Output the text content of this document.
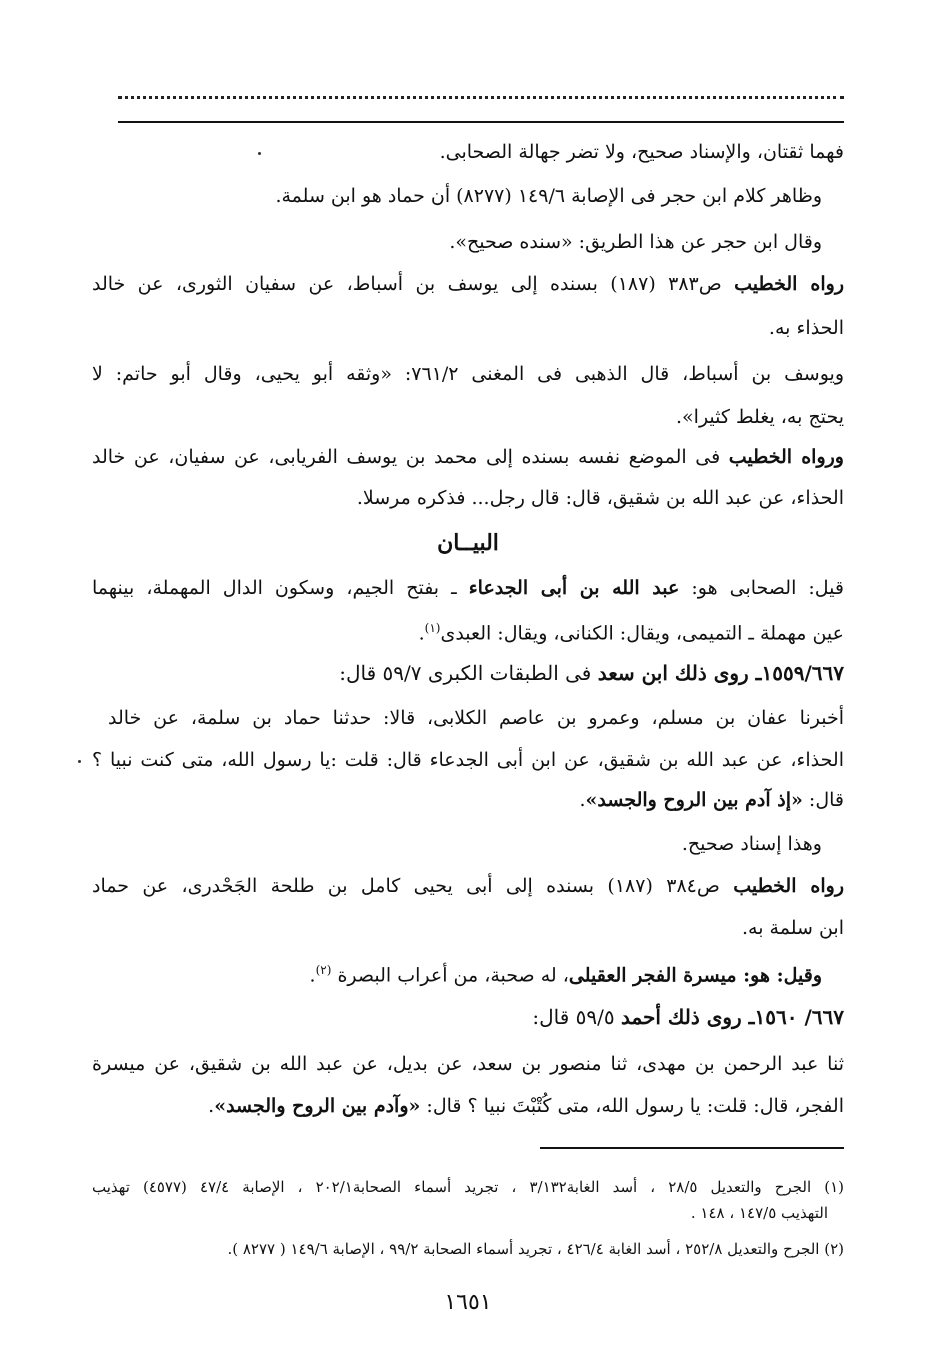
فهما ثقتان، والإسناد صحيح، ولا تضر جهالة الصحابى.

وظاهر كلام ابن حجر فى الإصابة ١٤٩/٦ (٨٢٧٧) أن حماد هو ابن سلمة.

وقال ابن حجر عن هذا الطريق: «سنده صحيح».

رواه الخطيب ص٣٨٣ (١٨٧) بسنده إلى يوسف بن أسباط، عن سفيان الثورى، عن خالد

الحذاء به.

ويوسف بن أسباط، قال الذهبى فى المغنى ٧٦١/٢: «وثقه أبو يحيى، وقال أبو حاتم: لا

يحتج به، يغلط كثيرا».

ورواه الخطيب فى الموضع نفسه بسنده إلى محمد بن يوسف الفريابى، عن سفيان، عن خالد

الحذاء، عن عبد الله بن شقيق، قال: قال رجل... فذكره مرسلا.

البيــان

قيل: الصحابى هو: عبد الله بن أبى الجدعاء ـ بفتح الجيم، وسكون الدال المهملة، بينهما

عين مهملة ـ التميمى، ويقال: الكنانى، ويقال: العبدى$^{(١)}$.

١٥٥٩/٦٦٧ـ روى ذلك ابن سعد فى الطبقات الكبرى ٥٩/٧ قال:

أخبرنا عفان بن مسلم، وعمرو بن عاصم الكلابى، قالا: حدثنا حماد بن سلمة، عن خالد

الحذاء، عن عبد الله بن شقيق، عن ابن أبى الجدعاء قال: قلت :يا رسول الله، متى كنت نبيا ؟

قال: «إذ آدم بين الروح والجسد».

وهذا إسناد صحيح.

رواه الخطيب ص٣٨٤ (١٨٧) بسنده إلى أبى يحيى كامل بن طلحة الجَحْدرى، عن حماد

ابن سلمة به.

وقيل: هو: ميسرة الفجر العقيلى، له صحبة، من أعراب البصرة $^{(٢)}$.

٦٦٧/ ١٥٦٠ـ روى ذلك أحمد ٥٩/٥ قال:

ثنا عبد الرحمن بن مهدى، ثنا منصور بن سعد، عن بديل، عن عبد الله بن شقيق، عن ميسرة

الفجر، قال: قلت: يا رسول الله، متى كُتْبْتَ نبيا ؟ قال: «وآدم بين الروح والجسد».

(١) الجرح والتعديل ٢٨/٥ ، أسد الغابة٣/١٣٢ ، تجريد أسماء الصحابة٢٠٢/١ ، الإصابة ٤٧/٤ (٤٥٧٧) تهذيب

التهذيب ١٤٧/٥ ، ١٤٨ .

(٢) الجرح والتعديل ٢٥٢/٨ ، أسد الغابة ٤٢٦/٤ ، تجريد أسماء الصحابة ٩٩/٢ ، الإصابة ١٤٩/٦ ( ٨٢٧٧ ).

١٦٥١
